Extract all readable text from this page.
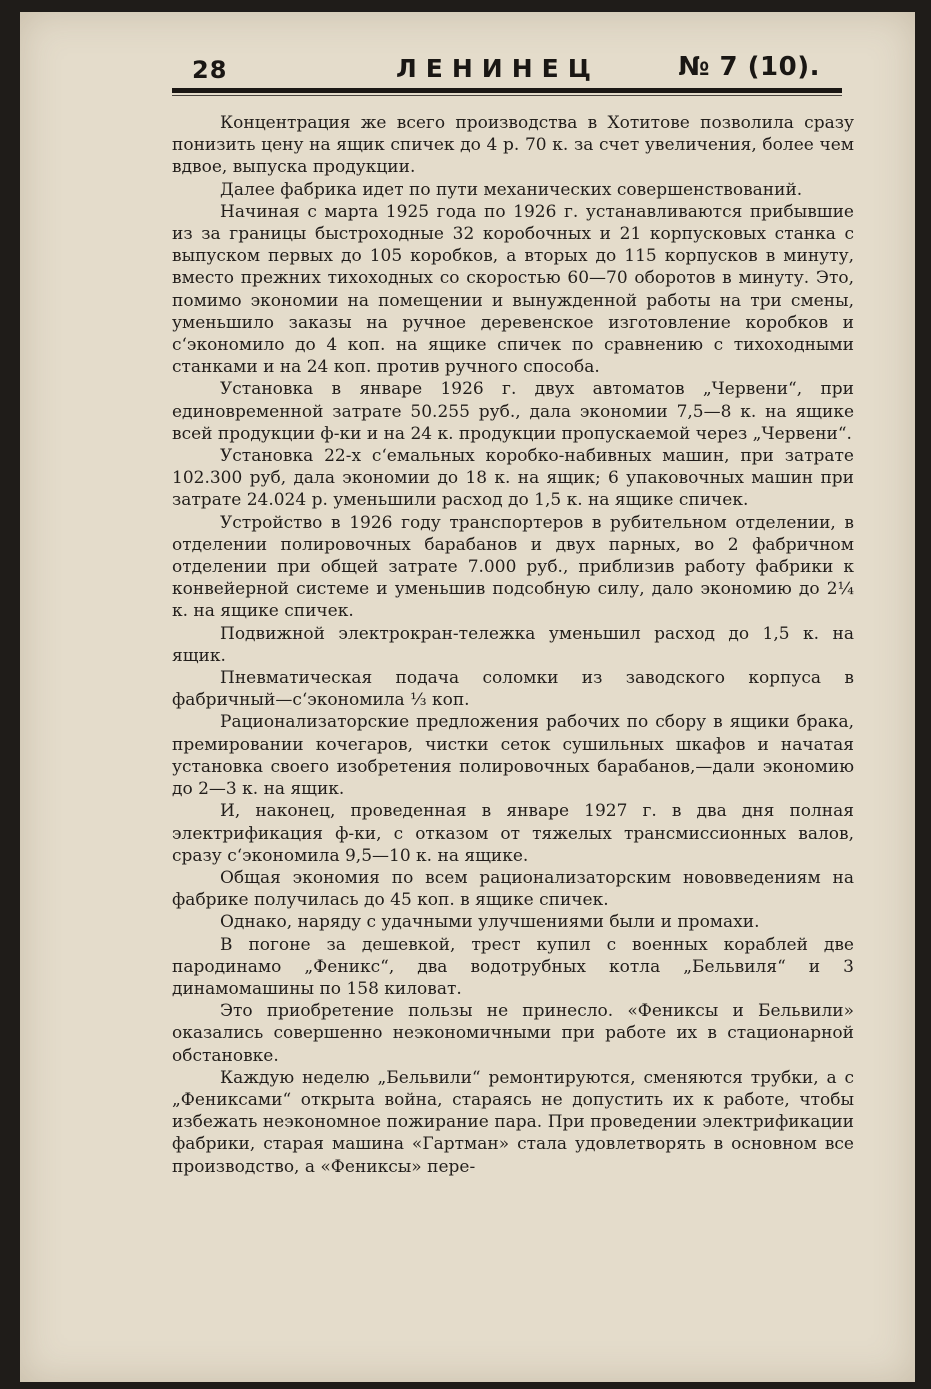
28	ЛЕНИНЕЦ	№ 7 (10).

Концентрация же всего производства в Хотитове позволила сразу понизить цену на ящик спичек до 4 р. 70 к. за счет увеличения, более чем вдвое, выпуска продукции.

Далее фабрика идет по пути механических совершенствований.

Начиная с марта 1925 года по 1926 г. устанавливаются прибывшие из за границы быстроходные 32 коробочных и 21 корпусковых станка с выпуском первых до 105 коробков, а вторых до 115 корпусков в минуту, вместо прежних тихоходных со скоростью 60—70 оборотов в минуту. Это, помимо экономии на помещении и вынужденной работы на три смены, уменьшило заказы на ручное деревенское изготовление коробков и с‘экономило до 4 коп. на ящике спичек по сравнению с тихоходными станками и на 24 коп. против ручного способа.

Установка в январе 1926 г. двух автоматов „Червени“, при единовременной затрате 50.255 руб., дала экономии 7,5—8 к. на ящике всей продукции ф-ки и на 24 к. продукции пропускаемой через „Червени“.

Установка 22-х с‘емальных коробко-набивных машин, при затрате 102.300 руб, дала экономии до 18 к. на ящик; 6 упаковочных машин при затрате 24.024 р. уменьшили расход до 1,5 к. на ящике спичек.

Устройство в 1926 году транспортеров в рубительном отделении, в отделении полировочных барабанов и двух парных, во 2 фабричном отделении при общей затрате 7.000 руб., приблизив работу фабрики к конвейерной системе и уменьшив подсобную силу, дало экономию до 2¼ к. на ящике спичек.

Подвижной электрокран-тележка уменьшил расход до 1,5 к. на ящик.

Пневматическая подача соломки из заводского корпуса в фабричный—с‘экономила ⅓ коп.

Рационализаторские предложения рабочих по сбору в ящики брака, премировании кочегаров, чистки сеток сушильных шкафов и начатая установка своего изобретения полировочных барабанов,—дали экономию до 2—3 к. на ящик.

И, наконец, проведенная в январе 1927 г. в два дня полная электрификация ф-ки, с отказом от тяжелых трансмиссионных валов, сразу с‘экономила 9,5—10 к. на ящике.

Общая экономия по всем рационализаторским нововведениям на фабрике получилась до 45 коп. в ящике спичек.

Однако, наряду с удачными улучшениями были и промахи.

В погоне за дешевкой, трест купил с военных кораблей две пародинамо „Феникс“, два водотрубных котла „Бельвиля“ и 3 динамомашины по 158 киловат.

Это приобретение пользы не принесло. «Фениксы и Бельвили» оказались совершенно неэкономичными при работе их в стационарной обстановке.

Каждую неделю „Бельвили“ ремонтируются, сменяются трубки, а с „Фениксами“ открыта война, стараясь не допустить их к работе, чтобы избежать неэкономное пожирание пара. При проведении электрификации фабрики, старая машина «Гартман» стала удовлетворять в основном все производство, а «Фениксы» пере-
